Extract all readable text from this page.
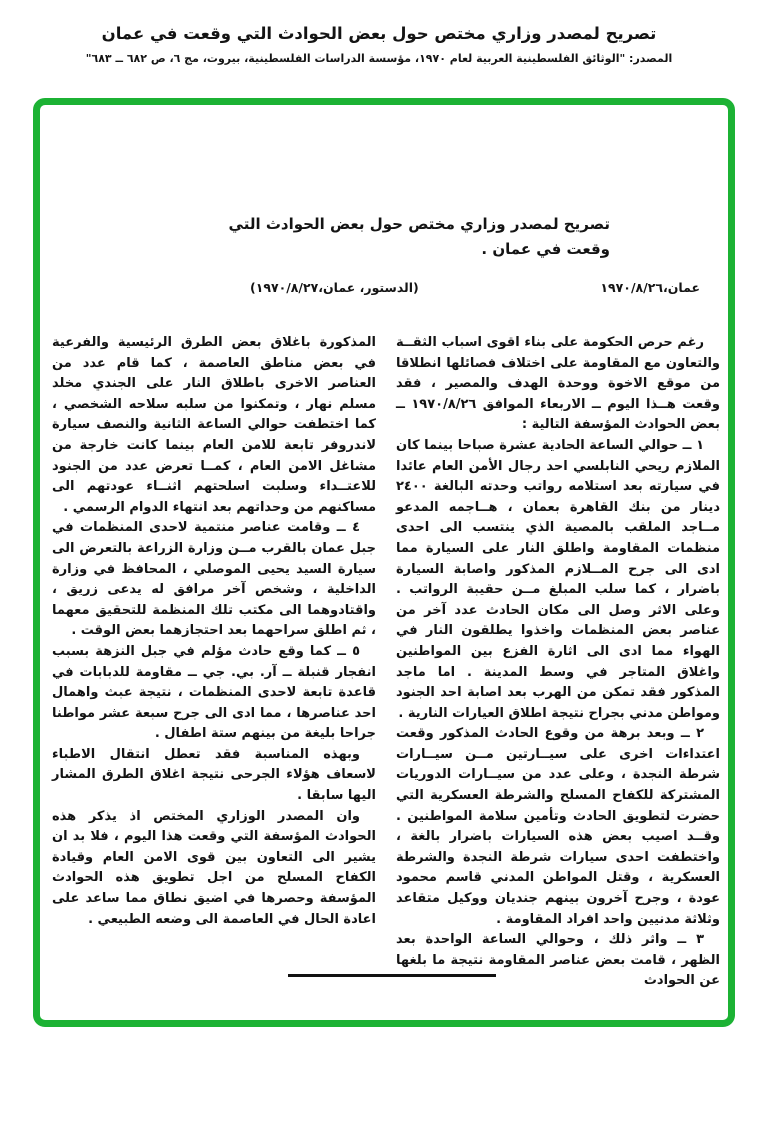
تصريح لمصدر وزاري مختص حول بعض الحوادث التي وقعت في عمان
المصدر: "الوثائق الفلسطينية العربية لعام ١٩٧٠، مؤسسة الدراسات الفلسطينية، بيروت، مج ٦، ص ٦٨٢ ــ ٦٨٣"
تصريح لمصدر وزاري مختص حول بعض الحوادث التي
وقعت في عمان .
عمان،١٩٧٠/٨/٢٦
(الدستور، عمان،١٩٧٠/٨/٢٧)

رغم حرص الحكومة على بناء اقوى اسباب الثقــة والتعاون مع المقاومة على اختلاف فصائلها انطلاقا من موقع الاخوة ووحدة الهدف والمصير ، فقد وقعت هــذا اليوم ــ الاربعاء الموافق ١٩٧٠/٨/٢٦ ــ بعض الحوادث المؤسفة التالية :

١ ــ حوالي الساعة الحادية عشرة صباحا بينما كان الملازم ريحي النابلسي احد رجال الأمن العام عائدا في سيارته بعد استلامه رواتب وحدته البالغة ٢٤٠٠ دينار من بنك القاهرة بعمان ، هــاجمه المدعو مــاجد الملقب بالمصية الذي ينتسب الى احدى منظمات المقاومة واطلق النار على السيارة مما ادى الى جرح المــلازم المذكور واصابة السيارة باضرار ، كما سلب المبلغ مــن حقيبة الرواتب . وعلى الاثر وصل الى مكان الحادث عدد آخر من عناصر بعض المنظمات واخذوا يطلقون النار في الهواء مما ادى الى اثارة الفزع بين المواطنين واغلاق المتاجر في وسط المدينة . اما ماجد المذكور فقد تمكن من الهرب بعد اصابة احد الجنود ومواطن مدني بجراح نتيجة اطلاق العيارات النارية .

٢ ــ وبعد برهة من وقوع الحادث المذكور وقعت اعتداءات اخرى على سيــارتين مــن سيــارات شرطة النجدة ، وعلى عدد من سيــارات الدوريات المشتركة للكفاح المسلح والشرطة العسكرية التي حضرت لتطويق الحادث وتأمين سلامة المواطنين . وقــد اصيب بعض هذه السيارات باضرار بالغة ، واختطفت احدى سيارات شرطة النجدة والشرطة العسكرية ، وقتل المواطن المدني قاسم محمود عودة ، وجرح آخرون بينهم جنديان ووكيل متقاعد وثلاثة مدنيين واحد افراد المقاومة .

٣ ــ واثر ذلك ، وحوالي الساعة الواحدة بعد الظهر ، قامت بعض عناصر المقاومة نتيجة ما بلغها عن الحوادث

المذكورة باغلاق بعض الطرق الرئيسية والفرعية في بعض مناطق العاصمة ، كما قام عدد من العناصر الاخرى باطلاق النار على الجندي مخلد مسلم نهار ، وتمكنوا من سلبه سلاحه الشخصي ، كما اختطفت حوالي الساعة الثانية والنصف سيارة لاندروفر تابعة للامن العام بينما كانت خارجة من مشاغل الامن العام ، كمــا تعرض عدد من الجنود للاعتــداء وسلبت اسلحتهم اثنــاء عودتهم الى مساكنهم من وحداتهم بعد انتهاء الدوام الرسمي .

٤ ــ وقامت عناصر منتمية لاحدى المنظمات في جبل عمان بالقرب مــن وزارة الزراعة بالتعرض الى سيارة السيد يحيى الموصلي ، المحافظ في وزارة الداخلية ، وشخص آخر مرافق له يدعى زريق ، واقتادوهما الى مكتب تلك المنظمة للتحقيق معهما ، ثم اطلق سراحهما بعد احتجازهما بعض الوقت .

٥ ــ كما وقع حادث مؤلم في جبل النزهة بسبب انفجار قنبلة ــ آر. بي. جي ــ مقاومة للدبابات في قاعدة تابعة لاحدى المنظمات ، نتيجة عبث واهمال احد عناصرها ، مما ادى الى جرح سبعة عشر مواطنا جراحا بليغة من بينهم ستة اطفال .

وبهذه المناسبة فقد تعطل انتقال الاطباء لاسعاف هؤلاء الجرحى نتيجة اغلاق الطرق المشار اليها سابقا .

وان المصدر الوزاري المختص اذ يذكر هذه الحوادث المؤسفة التي وقعت هذا اليوم ، فلا بد ان يشير الى التعاون بين قوى الامن العام وقيادة الكفاح المسلح من اجل تطويق هذه الحوادث المؤسفة وحصرها في اضيق نطاق مما ساعد على اعادة الحال في العاصمة الى وضعه الطبيعي .
